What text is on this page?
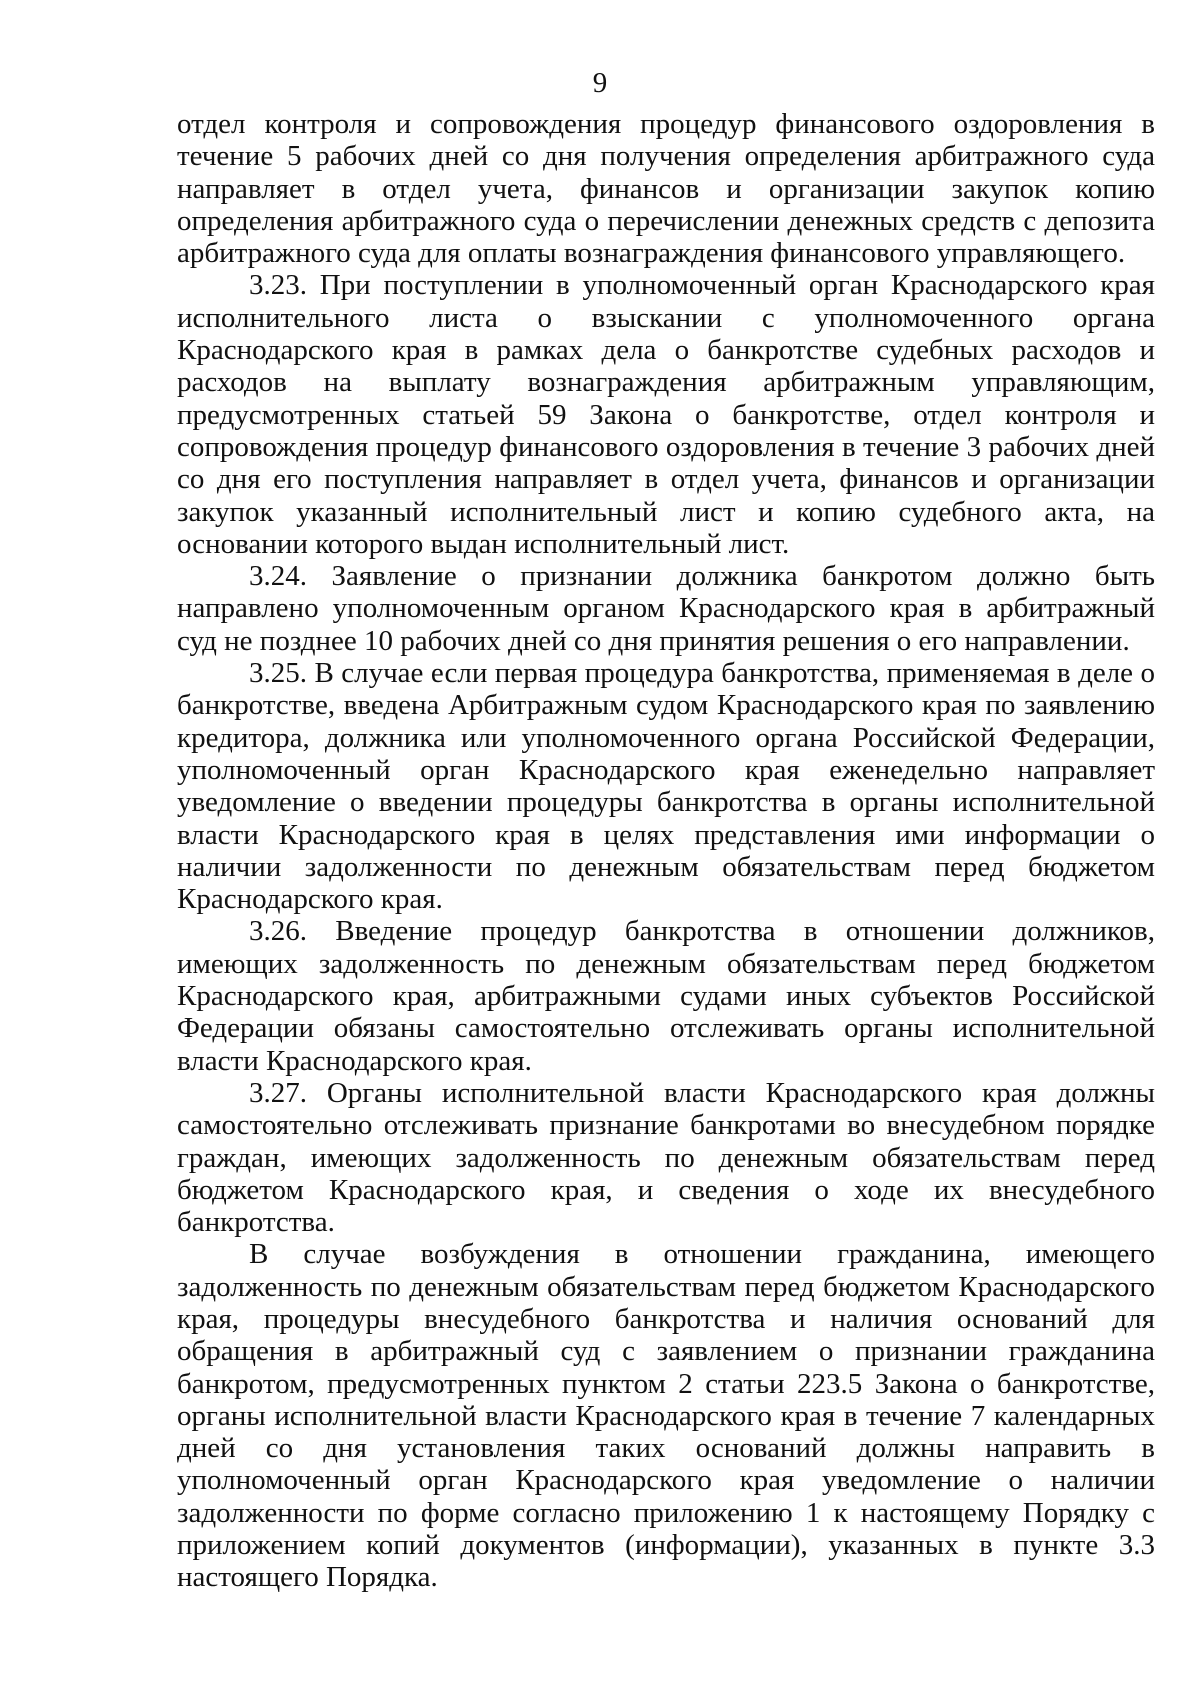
9

отдел контроля и сопровождения процедур финансового оздоровления в течение 5 рабочих дней со дня получения определения арбитражного суда направляет в отдел учета, финансов и организации закупок копию определения арбитражного суда о перечислении денежных средств с депозита арбитражного суда для оплаты вознаграждения финансового управляющего.

3.23. При поступлении в уполномоченный орган Краснодарского края исполнительного листа о взыскании с уполномоченного органа Краснодарского края в рамках дела о банкротстве судебных расходов и расходов на выплату вознаграждения арбитражным управляющим, предусмотренных статьей 59 Закона о банкротстве, отдел контроля и сопровождения процедур финансового оздоровления в течение 3 рабочих дней со дня его поступления направляет в отдел учета, финансов и организации закупок указанный исполнительный лист и копию судебного акта, на основании которого выдан исполнительный лист.

3.24. Заявление о признании должника банкротом должно быть направлено уполномоченным органом Краснодарского края в арбитражный суд не позднее 10 рабочих дней со дня принятия решения о его направлении.

3.25. В случае если первая процедура банкротства, применяемая в деле о банкротстве, введена Арбитражным судом Краснодарского края по заявлению кредитора, должника или уполномоченного органа Российской Федерации, уполномоченный орган Краснодарского края еженедельно направляет уведомление о введении процедуры банкротства в органы исполнительной власти Краснодарского края в целях представления ими информации о наличии задолженности по денежным обязательствам перед бюджетом Краснодарского края.

3.26. Введение процедур банкротства в отношении должников, имеющих задолженность по денежным обязательствам перед бюджетом Краснодарского края, арбитражными судами иных субъектов Российской Федерации обязаны самостоятельно отслеживать органы исполнительной власти Краснодарского края.

3.27. Органы исполнительной власти Краснодарского края должны самостоятельно отслеживать признание банкротами во внесудебном порядке граждан, имеющих задолженность по денежным обязательствам перед бюджетом Краснодарского края, и сведения о ходе их внесудебного банкротства.

В случае возбуждения в отношении гражданина, имеющего задолженность по денежным обязательствам перед бюджетом Краснодарского края, процедуры внесудебного банкротства и наличия оснований для обращения в арбитражный суд с заявлением о признании гражданина банкротом, предусмотренных пунктом 2 статьи 223.5 Закона о банкротстве, органы исполнительной власти Краснодарского края в течение 7 календарных дней со дня установления таких оснований должны направить в уполномоченный орган Краснодарского края уведомление о наличии задолженности по форме согласно приложению 1 к настоящему Порядку с приложением копий документов (информации), указанных в пункте 3.3 настоящего Порядка.
